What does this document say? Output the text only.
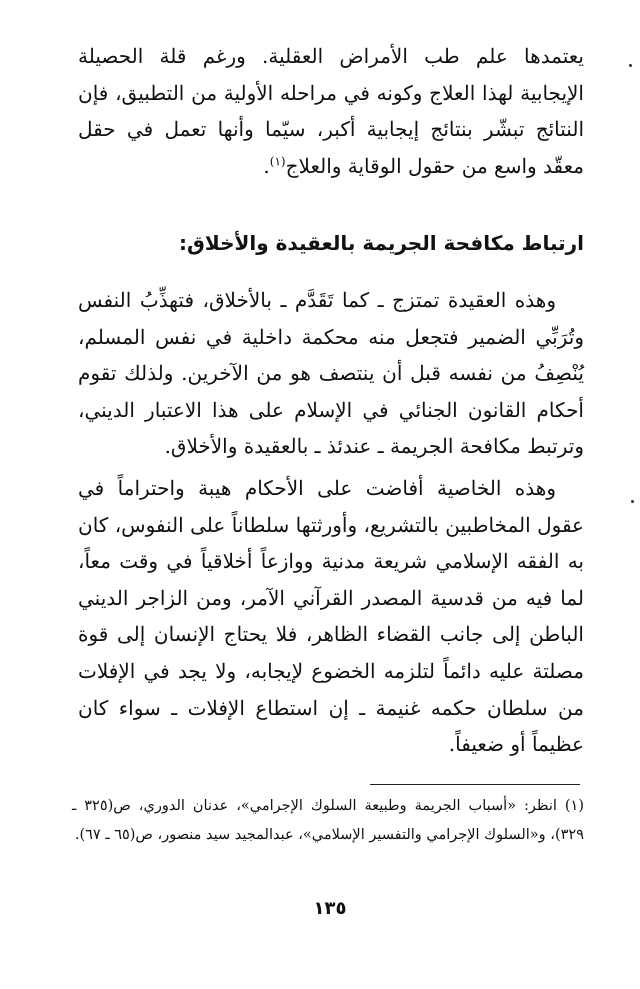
يعتمدها علم طب الأمراض العقلية. ورغم قلة الحصيلة الإيجابية لهذا العلاج وكونه في مراحله الأولية من التطبيق، فإن النتائج تبشّر بنتائج إيجابية أكبر، سيّما وأنها تعمل في حقل معقّد واسع من حقول الوقاية والعلاج$^{(١)}$.

ارتباط مكافحة الجريمة بالعقيدة والأخلاق:

وهذه العقيدة تمتزج ـ كما تَقَدَّم ـ بالأخلاق، فتهذِّبُ النفس وتُرَبِّي الضمير فتجعل منه محكمة داخلية في نفس المسلم، يُنْصِفُ من نفسه قبل أن ينتصف هو من الآخرين. ولذلك تقوم أحكام القانون الجنائي في الإسلام على هذا الاعتبار الديني، وترتبط مكافحة الجريمة ـ عندئذ ـ بالعقيدة والأخلاق.

وهذه الخاصية أفاضت على الأحكام هيبة واحتراماً في عقول المخاطبين بالتشريع، وأورثتها سلطاناً على النفوس، كان به الفقه الإسلامي شريعة مدنية ووازعاً أخلاقياً في وقت معاً، لما فيه من قدسية المصدر القرآني الآمر، ومن الزاجر الديني الباطن إلى جانب القضاء الظاهر، فلا يحتاج الإنسان إلى قوة مصلتة عليه دائماً لتلزمه الخضوع لإيجابه، ولا يجد في الإفلات من سلطان حكمه غنيمة ـ إن استطاع الإفلات ـ سواء كان عظيماً أو ضعيفاً.

(١) انظر: «أسباب الجريمة وطبيعة السلوك الإجرامي»، عدنان الدوري، ص(٣٢٥ ـ ٣٢٩)، و«السلوك الإجرامي والتفسير الإسلامي»، عبدالمجيد سيد منصور، ص(٦٥ ـ ٦٧).

١٣٥
